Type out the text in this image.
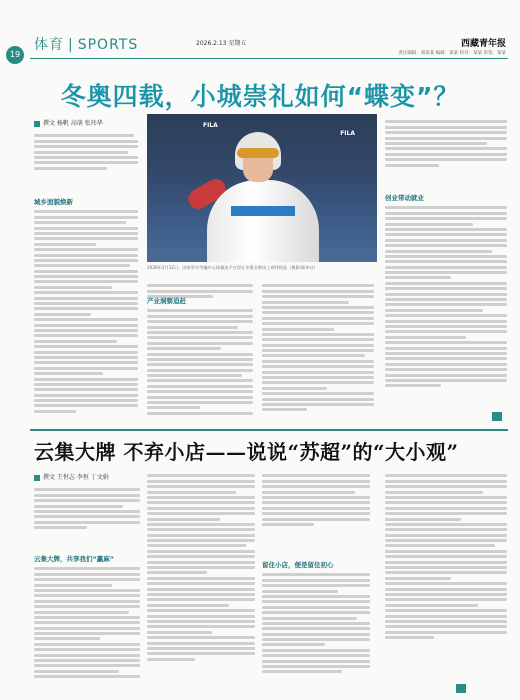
19
体育 | SPORTS	2026.2.13 星期五	西藏青年报
责任编辑：刘某某 编辑：某某 校对：某某 审签：某某
冬奥四载，小城崇礼如何“蝶变”？
撰文 杨帆 高萌 张玮华
城乡面貌焕新
FILA
FILA
2026年2月12日，国家雪车雪橇中心体操选手在崇礼冬奥会赛场上欢呼致意（摄影/新华社）
产业洞察追赶
创业带动就业
云集大牌 不弃小店——说说“苏超”的“大小观”
撰文 王恒志 李恒 丁文娟
云集大牌，共享我们“赢麻”
留住小店，便是留住初心
